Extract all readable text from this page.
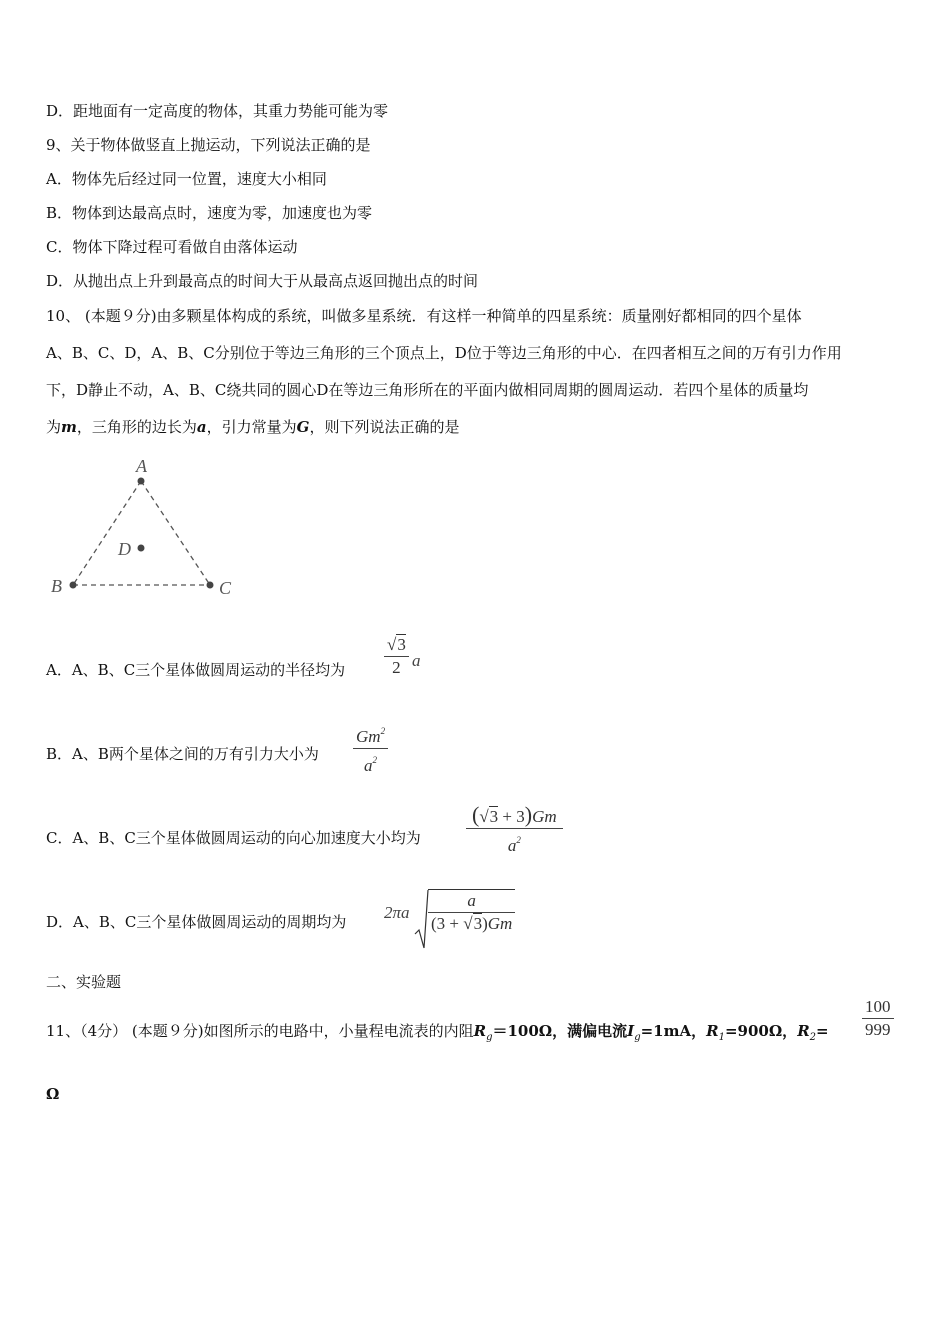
D．距地面有一定高度的物体，其重力势能可能为零
9、关于物体做竖直上抛运动，下列说法正确的是
A．物体先后经过同一位置，速度大小相同
B．物体到达最高点时，速度为零，加速度也为零
C．物体下降过程可看做自由落体运动
D．从抛出点上升到最高点的时间大于从最高点返回抛出点的时间
10、 (本题９分)由多颗星体构成的系统，叫做多星系统．有这样一种简单的四星系统：质量刚好都相同的四个星体
A、B、C、D，A、B、C分别位于等边三角形的三个顶点上，D位于等边三角形的中心．在四者相互之间的万有引力作用
下，D静止不动，A、B、C绕共同的圆心D在等边三角形所在的平面内做相同周期的圆周运动．若四个星体的质量均
为m，三角形的边长为a，引力常量为G，则下列说法正确的是
A
B	C
D
A．A、B、C三个星体做圆周运动的半径均为 $\frac{√3}{2}$ a
B．A、B两个星体之间的万有引力大小为 $\frac{Gm^2}{a^2}$
C．A、B、C三个星体做圆周运动的向心加速度大小均为 $\frac{(√3 + 3)Gm}{a^2}$
D．A、B、C三个星体做圆周运动的周期均为 $2\pi a \frac{a}{(3 + √3)Gm}$
二、实验题
11、（4分） (本题９分)如图所示的电路中，小量程电流表的内阻$R_g=100\Omega$，满偏电流$I_g=1mA$，$R_1=900\Omega$，$R_2= \frac{100}{999}$
Ω
